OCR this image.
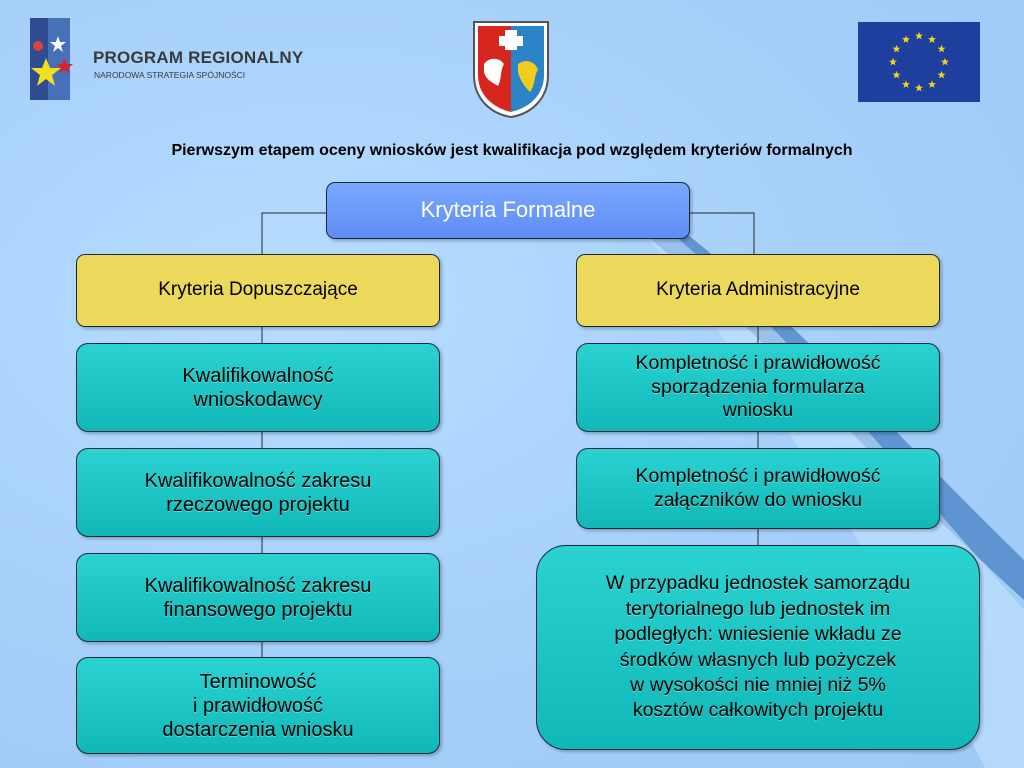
PROGRAM REGIONALNY
NARODOWA STRATEGIA SPÓJNOŚCI
Pierwszym etapem oceny wniosków jest kwalifikacja pod względem kryteriów formalnych
Kryteria Formalne
Kryteria Dopuszczające	Kryteria Administracyjne
Kwalifikowalność
wnioskodawcy
Kwalifikowalność zakresu
rzeczowego projektu
Kwalifikowalność zakresu
finansowego projektu
Terminowość
i prawidłowość
dostarczenia wniosku
Kompletność i prawidłowość
sporządzenia formularza
wniosku
Kompletność i prawidłowość
załączników do wniosku
W przypadku jednostek samorządu
terytorialnego lub jednostek im
podległych: wniesienie wkładu ze
środków własnych lub pożyczek
w wysokości nie mniej niż 5%
kosztów całkowitych projektu
